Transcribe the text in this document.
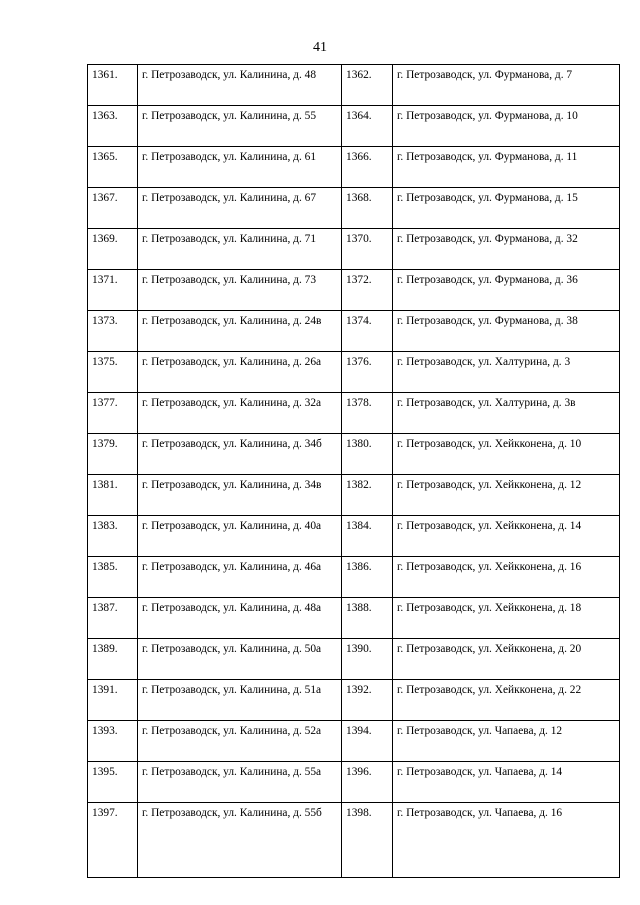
41
1361.	г. Петрозаводск, ул. Калинина, д. 48	1362.	г. Петрозаводск, ул. Фурманова, д. 7
1363.	г. Петрозаводск, ул. Калинина, д. 55	1364.	г. Петрозаводск, ул. Фурманова, д. 10
1365.	г. Петрозаводск, ул. Калинина, д. 61	1366.	г. Петрозаводск, ул. Фурманова, д. 11
1367.	г. Петрозаводск, ул. Калинина, д. 67	1368.	г. Петрозаводск, ул. Фурманова, д. 15
1369.	г. Петрозаводск, ул. Калинина, д. 71	1370.	г. Петрозаводск, ул. Фурманова, д. 32
1371.	г. Петрозаводск, ул. Калинина, д. 73	1372.	г. Петрозаводск, ул. Фурманова, д. 36
1373.	г. Петрозаводск, ул. Калинина, д. 24в	1374.	г. Петрозаводск, ул. Фурманова, д. 38
1375.	г. Петрозаводск, ул. Калинина, д. 26а	1376.	г. Петрозаводск, ул. Халтурина, д. 3
1377.	г. Петрозаводск, ул. Калинина, д. 32а	1378.	г. Петрозаводск, ул. Халтурина, д. 3в
1379.	г. Петрозаводск, ул. Калинина, д. 34б	1380.	г. Петрозаводск, ул. Хейкконена, д. 10
1381.	г. Петрозаводск, ул. Калинина, д. 34в	1382.	г. Петрозаводск, ул. Хейкконена, д. 12
1383.	г. Петрозаводск, ул. Калинина, д. 40а	1384.	г. Петрозаводск, ул. Хейкконена, д. 14
1385.	г. Петрозаводск, ул. Калинина, д. 46а	1386.	г. Петрозаводск, ул. Хейкконена, д. 16
1387.	г. Петрозаводск, ул. Калинина, д. 48а	1388.	г. Петрозаводск, ул. Хейкконена, д. 18
1389.	г. Петрозаводск, ул. Калинина, д. 50а	1390.	г. Петрозаводск, ул. Хейкконена, д. 20
1391.	г. Петрозаводск, ул. Калинина, д. 51а	1392.	г. Петрозаводск, ул. Хейкконена, д. 22
1393.	г. Петрозаводск, ул. Калинина, д. 52а	1394.	г. Петрозаводск, ул. Чапаева, д. 12
1395.	г. Петрозаводск, ул. Калинина, д. 55а	1396.	г. Петрозаводск, ул. Чапаева, д. 14
1397.	г. Петрозаводск, ул. Калинина, д. 55б	1398.	г. Петрозаводск, ул. Чапаева, д. 16
